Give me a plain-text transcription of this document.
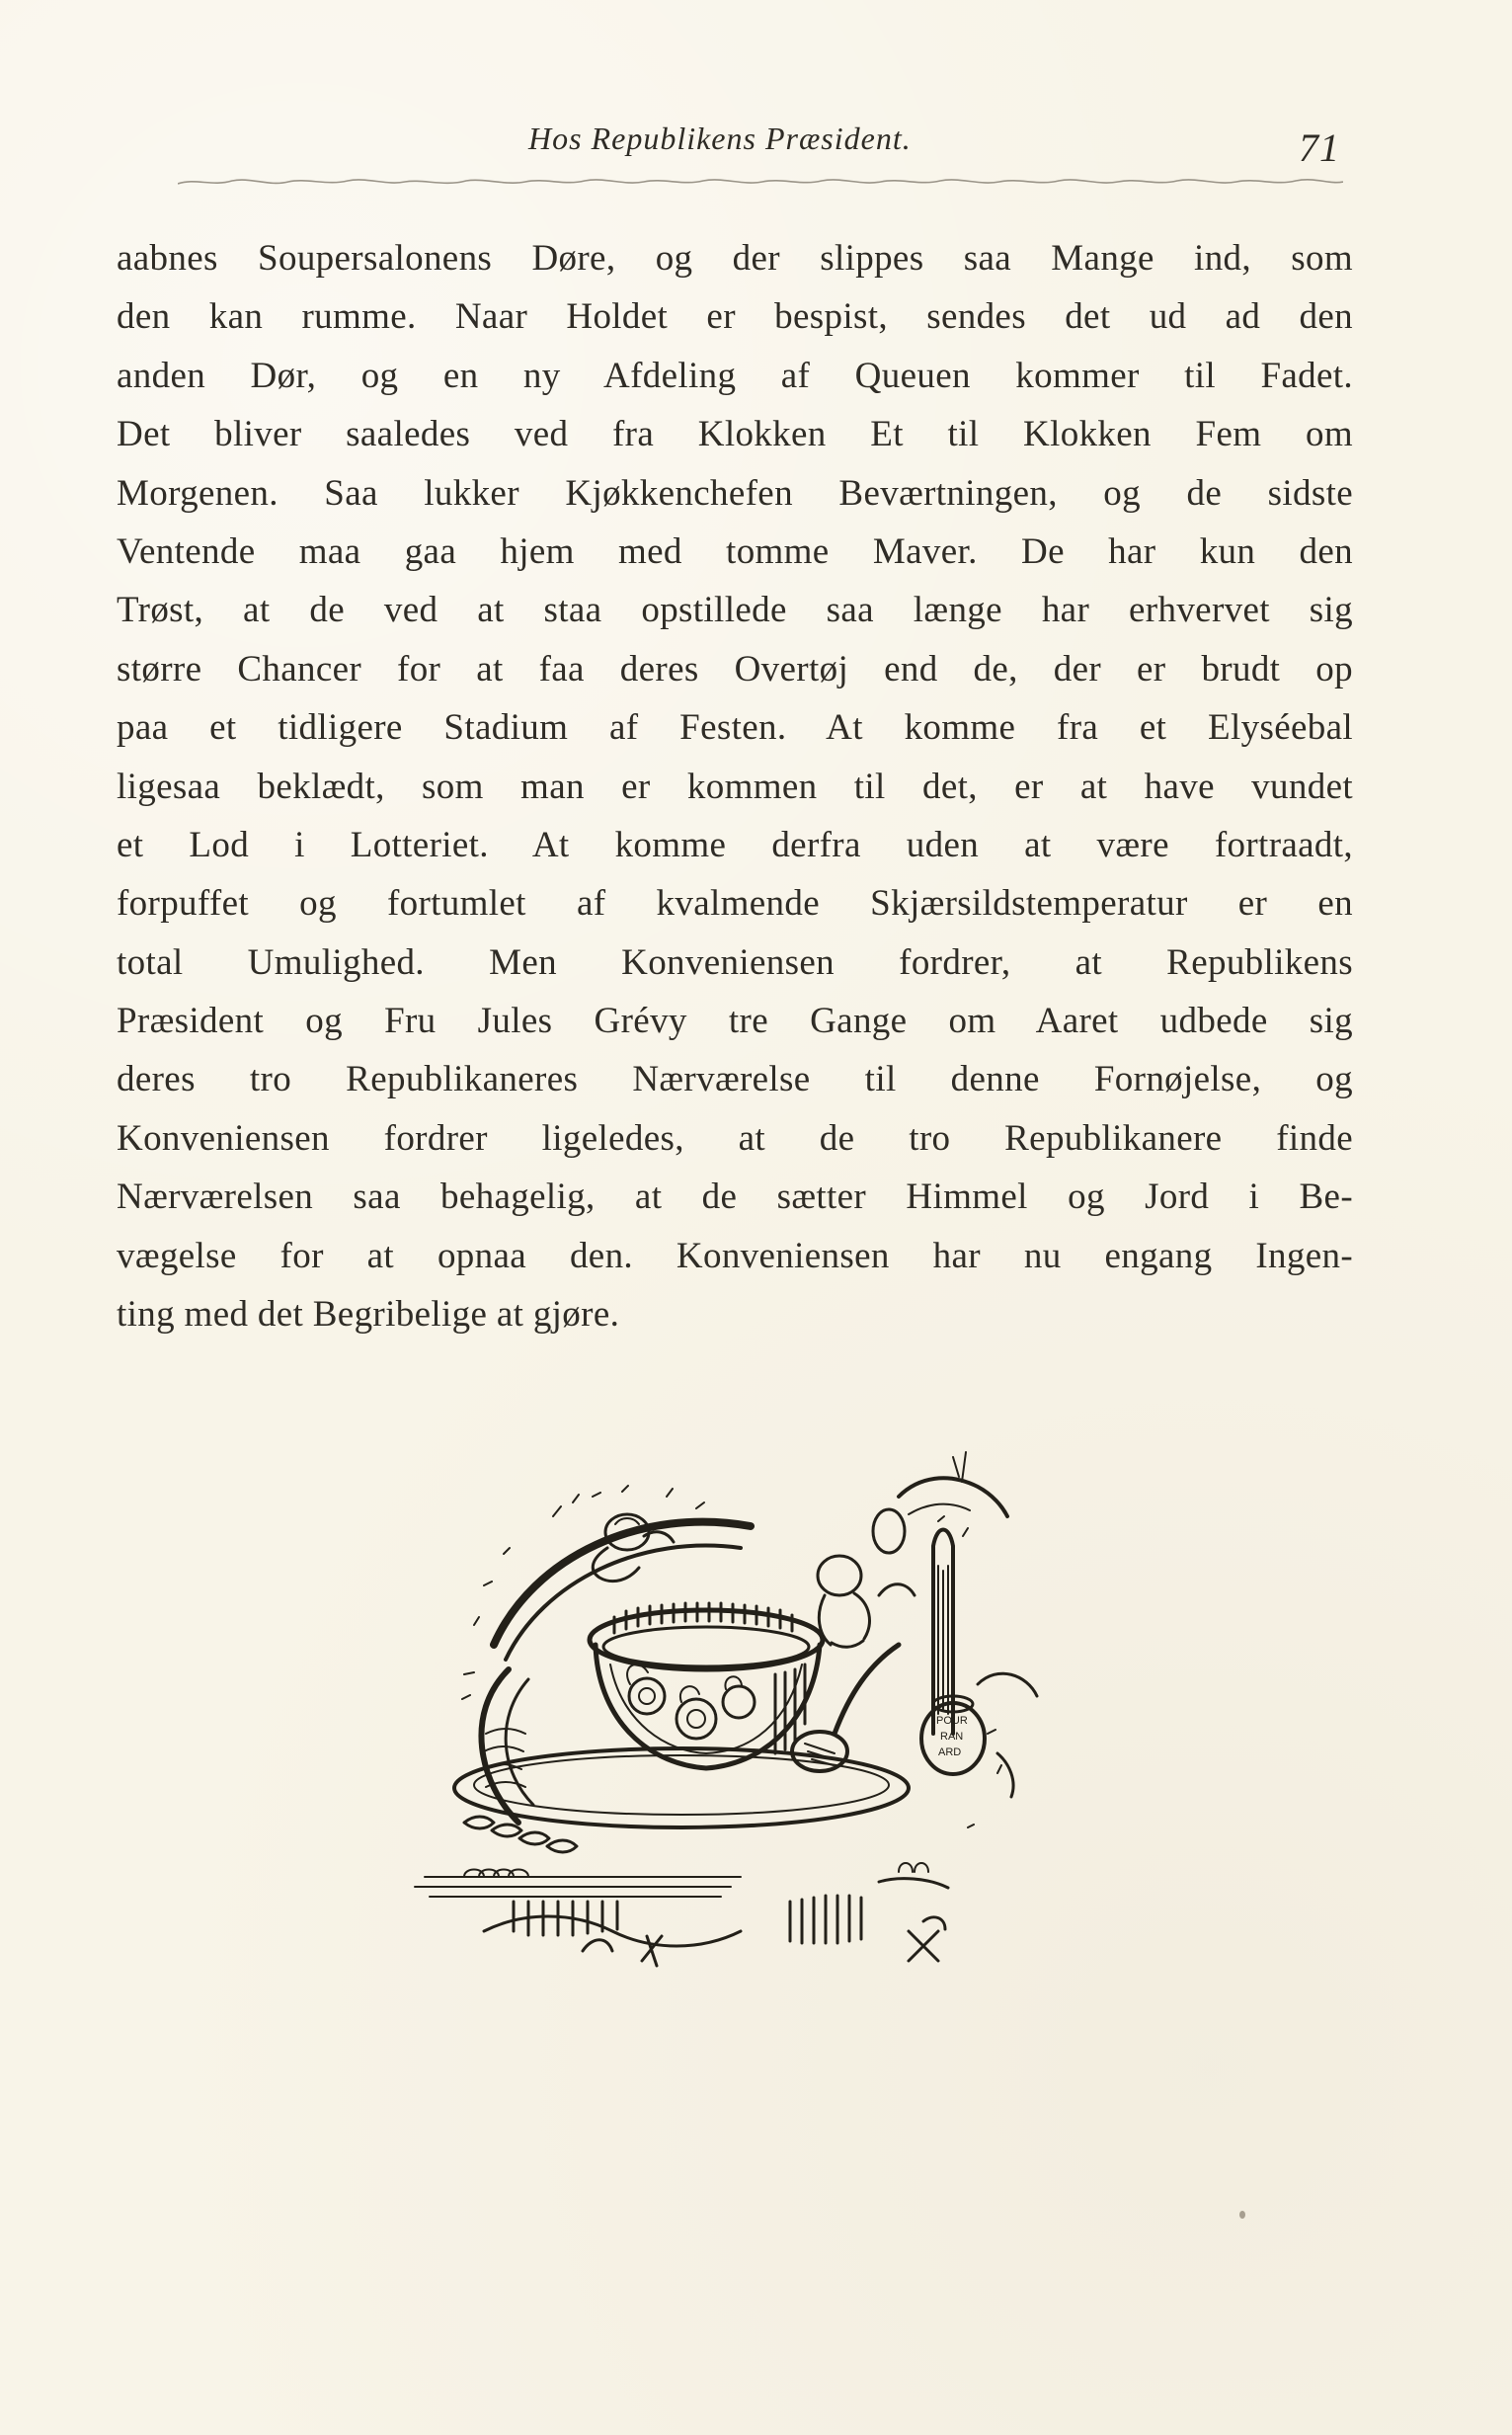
Hos Republikens Præsident.	71
aabnes Soupersalonens Døre, og der slippes saa Mange ind, som
den kan rumme. Naar Holdet er bespist, sendes det ud ad den
anden Dør, og en ny Afdeling af Queuen kommer til Fadet.
Det bliver saaledes ved fra Klokken Et til Klokken Fem om
Morgenen. Saa lukker Kjøkkenchefen Beværtningen, og de sidste
Ventende maa gaa hjem med tomme Maver. De har kun den
Trøst, at de ved at staa opstillede saa længe har erhvervet sig
større Chancer for at faa deres Overtøj end de, der er brudt op
paa et tidligere Stadium af Festen. At komme fra et Elyséebal
ligesaa beklædt, som man er kommen til det, er at have vundet
et Lod i Lotteriet. At komme derfra uden at være fortraadt,
forpuffet og fortumlet af kvalmende Skjærsildstemperatur er en
total Umulighed. Men Konveniensen fordrer, at Republikens
Præsident og Fru Jules Grévy tre Gange om Aaret udbede sig
deres tro Republikaneres Nærværelse til denne Fornøjelse, og
Konveniensen fordrer ligeledes, at de tro Republikanere finde
Nærværelsen saa behagelig, at de sætter Himmel og Jord i Be-
vægelse for at opnaa den. Konveniensen har nu engang Ingen-
ting med det Begribelige at gjøre.
POUR
RAN
ARD
